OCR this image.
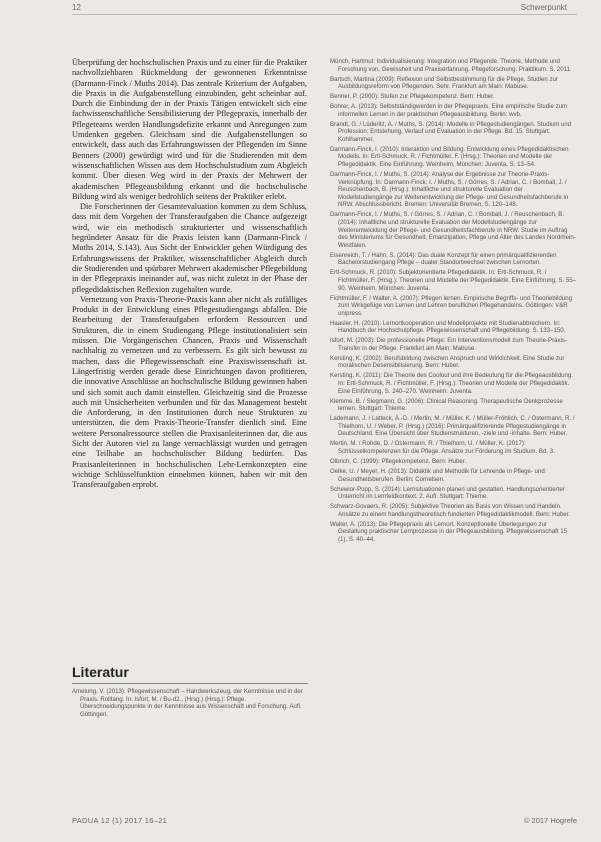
12	Schwerpunkt

Überprüfung der hochschulischen Praxis und zu einer für die Praktiker nachvollziehbaren Rückmeldung der gewonnenen Erkenntnisse (Darmann-Finck / Muths 2014). Das zentrale Kriterium der Aufgaben, die Praxis in die Aufgabenstellung einzubinden, geht scheinbar auf. Durch die Einbindung der in der Praxis Tätigen entwickelt sich eine fachwissenschaftliche Sensibilisierung der Pflegepraxis, innerhalb der Pflegeteams werden Handlungsdefizite erkannt und Anregungen zum Umdenken gegeben. Gleichsam sind die Aufgabenstellungen so entwickelt, dass auch das Erfahrungswissen der Pflegenden im Sinne Benners (2000) gewürdigt wird und für die Studierenden mit dem wissenschaftlichen Wissen aus dem Hochschulstudium zum Abgleich kommt. Über diesen Weg wird in der Praxis der Mehrwert der akademischen Pflegeausbildung erkannt und die hochschulische Bildung wird als weniger bedrohlich seitens der Praktiker erlebt.

Die Forscherinnen der Gesamtevaluation kommen zu dem Schluss, dass mit dem Vorgehen der Transferaufgaben die Chance aufgezeigt wird, wie ein methodisch strukturierter und wissenschaftlich begründeter Ansatz für die Praxis leisten kann (Darmann-Finck / Muths 2014, S.143). Aus Sicht der Entwickler gehen Würdigung des Erfahrungswissens der Praktiker, wissenschaftlicher Abgleich durch die Studierenden und spürbarer Mehrwert akademischer Pflegebildung in der Pflegepraxis ineinander auf, was nicht zuletzt in der Phase der pflegedidaktischen Reflexion zugehalten wurde.

Vernetzung von Praxis-Theorie-Praxis kann aber nicht als zufälliges Produkt in der Entwicklung eines Pflegestudiengangs abfallen. Die Bearbeitung der Transferaufgaben erfordern Ressourcen und Strukturen, die in einem Studiengang Pflege institutionalisiert sein müssen. Die Vorgängerischen Chancen, Praxis und Wissenschaft nachhaltig zu vernetzen und zu verbessern. Es gilt sich bewusst zu machen, dass die Pflegewissenschaft eine Praxiswissenschaft ist. Längerfristig werden gerade diese Einrichtungen davon profitieren, die innovative Anschlüsse an hochschulische Bildung gewinnen haben und sich somit auch damit einstellen. Gleichzeitig sind die Prozesse auch mit Unsicherheiten verbunden und für das Management besteht die Anforderung, in den Institutionen durch neue Strukturen zu unterstützen, die dem Praxis-Theorie-Transfer dienlich sind. Eine weitere Personalressource stellen die Praxisanleiterinnen dar, die aus Sicht der Autoren viel zu lange vernachlässigt wurden und getragen eine Teilhabe an hochschulischer Bildung bedürfen. Das Praxisanleiterinnen in hochschulischen Lehr-Lernkonzepten eine wichtige Schlüsselfunktion einnehmen können, haben wir mit den Transferaufgaben erprobt.

Literatur

Amelung, V. (2013): Pflegewissenschaft – Handwerkszeug, der Kenntnisse und in der Praxis. Rolltang. In: Isfort, M. / Bu-d2., (Hrsg.) (Hrsg.): Pflege. Überschneidungspunkte in der Kenntnisse aus Wissenschaft und Forschung. Aufl. Göttingen.

Münch, Hartmut: Individualisierung: Integration und Pflegende. Theorie, Methode und Forschung von, Gewissheit und Praxiserfahrung. Pflegeforschung. Praktikum. S. 2011.

Bartsch, Martina (2009): Reflexion und Selbstbestimmung für die Pflege. Studien zur Ausbildungsreform von Pflegenden. Sehr. Frankfurt am Main: Mabuse.

Benner, P. (2000): Stufen zur Pflegekompetenz. Bern: Huber.

Bohrer, A. (2013): Selbstständigwerden in der Pflegepraxis. Eine empirische Studie zum informellen Lernen in der praktischen Pflegeausbildung. Berlin: wvb.

Brandt, G. / Lüderitz, A. / Muths, S. (2014): Modelle in Pflegestudiengängen. Studium und Profession: Entstehung, Verlauf und Evaluation in der Pflege. Bd. 15. Stuttgart: Kohlhammer.

Darmann-Finck, I. (2010): Interaktion und Bildung. Entwicklung eines Pflegedidaktischen Modells. In: Ertl-Schmuck, R. / Fichtmüller, F. (Hrsg.): Theorien und Modelle der Pflegedidaktik. Eine Einführung. Weinheim, München: Juventa, S. 13–54.

Darmann-Finck, I. / Muths, S. (2014): Analyse der Ergebnisse zur Theorie-Praxis-Verknüpfung. In: Darmann-Finck, I. / Muths, S. / Görres, S. / Adrian, C. / Bomball, J. / Reuschenbach, B. (Hrsg.): Inhaltliche und strukturelle Evaluation der Modellstudiengänge zur Weiterentwicklung der Pflege- und Gesundheitsfachberufe in NRW. Abschlussbericht. Bremen: Universität Bremen, S. 120–148.

Darmann-Finck, I. / Muths, S. / Görres, S. / Adrian, C. / Bomball, J. / Reuschenbach, B. (2014): Inhaltliche und strukturelle Evaluation der Modellstudiengänge zur Weiterentwicklung der Pflege- und Gesundheitsfachberufe in NRW. Studie im Auftrag des Ministeriums für Gesundheit, Emanzipation, Pflege und Alter des Landes Nordrhein-Westfalen.

Eisenreich, T. / Hahn, S. (2014): Das duale Konzept für einen primärqualifizierenden Bachelorstudiengang Pflege – dualer Standortwechsel zwischen Lernorten.

Ertl-Schmuck, R. (2010): Subjektorientierte Pflegedidaktik. In: Ertl-Schmuck, R. / Fichtmüller, F. (Hrsg.): Theorien und Modelle der Pflegedidaktik. Eine Einführung, S. 55–90. Weinheim, München: Juventa.

Fichtmüller, F. / Walter, A. (2007): Pflegen lernen. Empirische Begriffs- und Theoriebildung zum Wirkgefüge von Lernen und Lehren beruflichen Pflegehandelns. Göttingen: V&R unipress.

Haasler, H. (2010): Lernortkooperation und Modellprojekte mit Studienabbrechern. In: Handbuch der Hochschulpflege. Pflegewissenschaft und Pflegebildung. S. 133–150.

Isfort, M. (2003): Die professionelle Pflege: Ein Interventionsmodell zum Theorie-Praxis-Transfer in der Pflege. Frankfurt am Main: Mabuse.

Kersting, K. (2002): Berufsbildung zwischen Anspruch und Wirklichkeit. Eine Studie zur moralischen Desensibilisierung. Bern: Huber.

Kersting, K. (2011): Die Theorie des Coolout und ihre Bedeutung für die Pflegeausbildung. In: Ertl-Schmuck, R. / Fichtmüller, F. (Hrsg.): Theorien und Modelle der Pflegedidaktik. Eine Einführung, S. 240–270. Weinheim: Juventa.

Klemme, B. / Siegmann, G. (2006): Clinical Reasoning. Therapeutische Denkprozesse lernen. Stuttgart: Thieme.

Lademann, J. / Latteck, Ä.-D. / Mertin, M. / Müller, K. / Müller-Fröhlich, C. / Ostermann, R. / Thielhorn, U. / Weber, P. (Hrsg.) (2016): Primärqualifizierende Pflegestudiengänge in Deutschland. Eine Übersicht über Studienstrukturen, -ziele und -inhalte. Bern: Huber.

Mertin, M. / Rohde, D. / Ostermann, R. / Thielhorn, U. / Müller, K. (2017): Schlüsselkompetenzen für die Pflege. Ansätze zur Förderung im Studium. Bd. 3.

Olbrich, C. (1999): Pflegekompetenz. Bern: Huber.

Oelke, U. / Meyer, H. (2013): Didaktik und Methodik für Lehrende in Pflege- und Gesundheitsberufen. Berlin: Cornelsen.

Schewior-Popp, S. (2014): Lernsituationen planen und gestalten. Handlungsorientierter Unterricht im Lernfeldkontext. 2. Aufl. Stuttgart: Thieme.

Schwarz-Govaers, R. (2005): Subjektive Theorien als Basis von Wissen und Handeln. Ansätze zu einem handlungstheoretisch fundierten Pflegedidaktikmodell. Bern: Huber.

Walter, A. (2013): Die Pflegepraxis als Lernort. Konzeptionelle Überlegungen zur Gestaltung praktischer Lernprozesse in der Pflegeausbildung. Pflegewissenschaft 15 (1), S. 40–44.

PADUA 12 (1) 2017 16–21	© 2017 Hogrefe
